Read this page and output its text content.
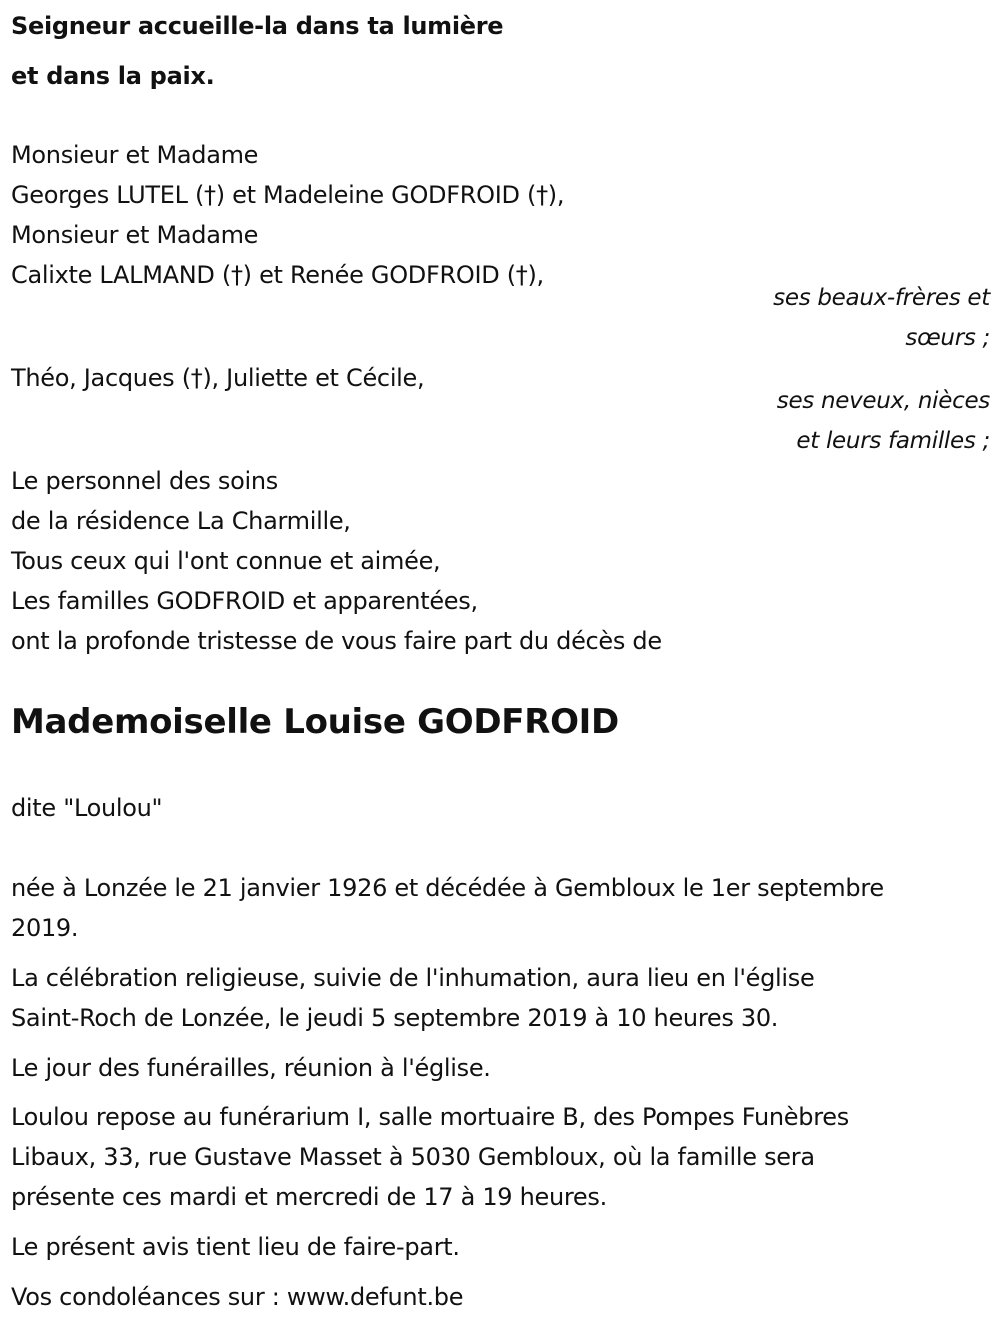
Seigneur accueille-la dans ta lumière
et dans la paix.
Monsieur et Madame
Georges LUTEL (†) et Madeleine GODFROID (†),
Monsieur et Madame
Calixte LALMAND (†) et Renée GODFROID (†),
ses beaux-frères et
sœurs ;
Théo, Jacques (†), Juliette et Cécile,
ses neveux, nièces
et leurs familles ;
Le personnel des soins
de la résidence La Charmille,
Tous ceux qui l'ont connue et aimée,
Les familles GODFROID et apparentées,
ont la profonde tristesse de vous faire part du décès de
Mademoiselle Louise GODFROID
dite "Loulou"
née à Lonzée le 21 janvier 1926 et décédée à Gembloux le 1er septembre
2019.
La célébration religieuse, suivie de l'inhumation, aura lieu en l'église
Saint-Roch de Lonzée, le jeudi 5 septembre 2019 à 10 heures 30.
Le jour des funérailles, réunion à l'église.
Loulou repose au funérarium I, salle mortuaire B, des Pompes Funèbres
Libaux, 33, rue Gustave Masset à 5030 Gembloux, où la famille sera
présente ces mardi et mercredi de 17 à 19 heures.
Le présent avis tient lieu de faire-part.
Vos condoléances sur : www.defunt.be
